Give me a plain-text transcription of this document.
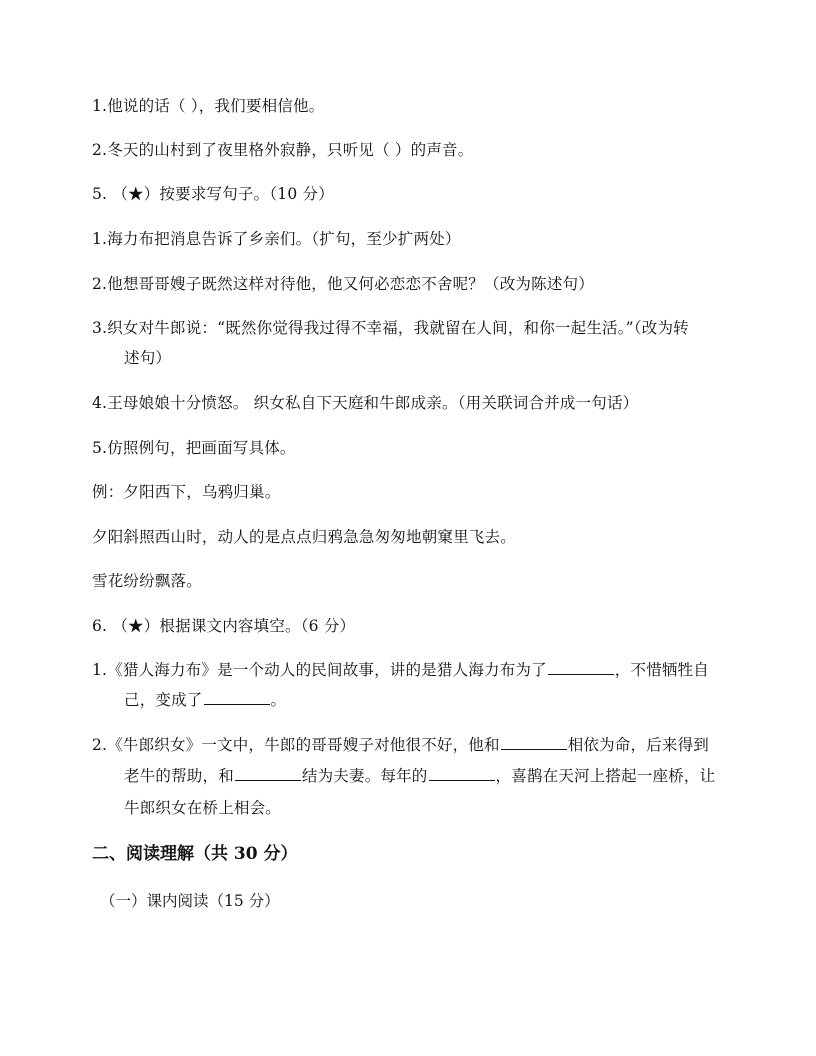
1.他说的话（ ），我们要相信他。
2.冬天的山村到了夜里格外寂静，只听见（ ）的声音。
5. （★）按要求写句子。（10 分）
1.海力布把消息告诉了乡亲们。（扩句，至少扩两处）
2.他想哥哥嫂子既然这样对待他，他又何必恋恋不舍呢？（改为陈述句）
3.织女对牛郎说：“既然你觉得我过得不幸福，我就留在人间，和你一起生活。”（改为转
述句）
4.王母娘娘十分愤怒。 织女私自下天庭和牛郎成亲。（用关联词合并成一句话）
5.仿照例句，把画面写具体。
例：夕阳西下，乌鸦归巢。
夕阳斜照西山时，动人的是点点归鸦急急匆匆地朝窠里飞去。
雪花纷纷飘落。
6. （★）根据课文内容填空。（6 分）
1.《猎人海力布》是一个动人的民间故事，讲的是猎人海力布为了	，不惜牺牲自
己，变成了	。
2.《牛郎织女》一文中，牛郎的哥哥嫂子对他很不好，他和	相依为命，后来得到
老牛的帮助，和	结为夫妻。每年的	，喜鹊在天河上搭起一座桥，让
牛郎织女在桥上相会。
二、阅读理解（共 30 分）
（一）课内阅读（15 分）
